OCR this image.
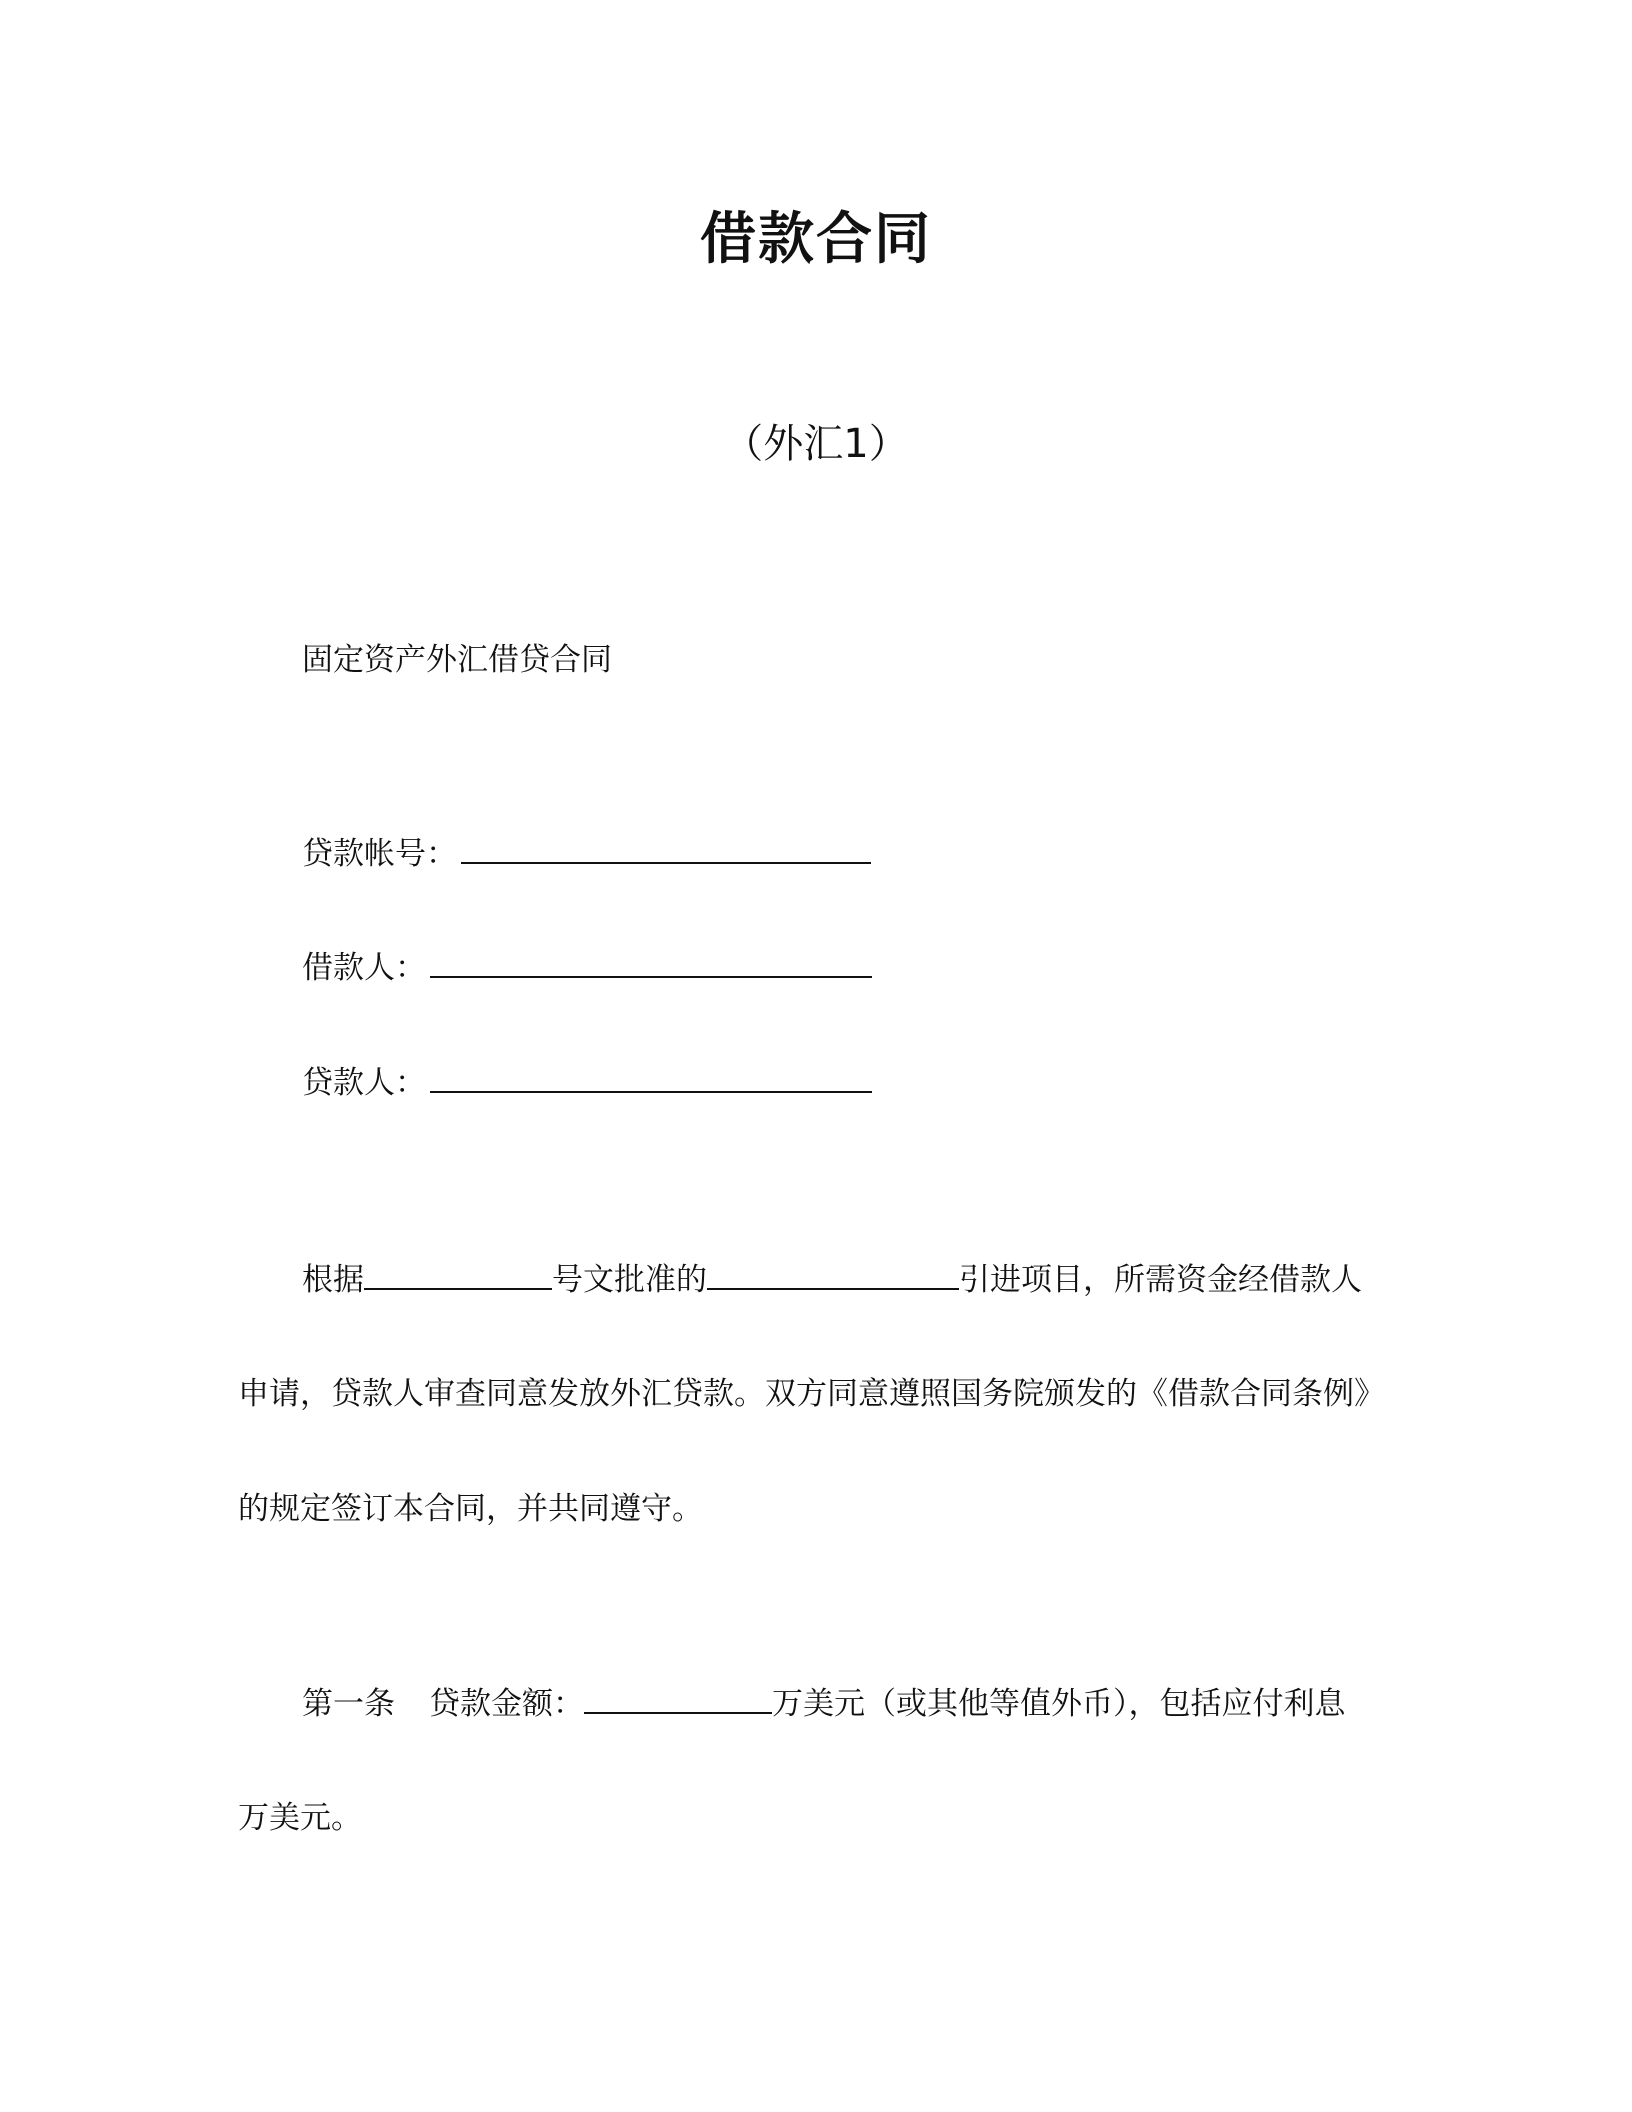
借款合同
（外汇1）
固定资产外汇借贷合同
贷款帐号：
借款人：
贷款人：
根据	号文批准的	引进项目，所需资金经借款人
申请，贷款人审查同意发放外汇贷款。双方同意遵照国务院颁发的《借款合同条例》
的规定签订本合同，并共同遵守。
第一条 贷款金额：	万美元（或其他等值外币），包括应付利息
万美元。
